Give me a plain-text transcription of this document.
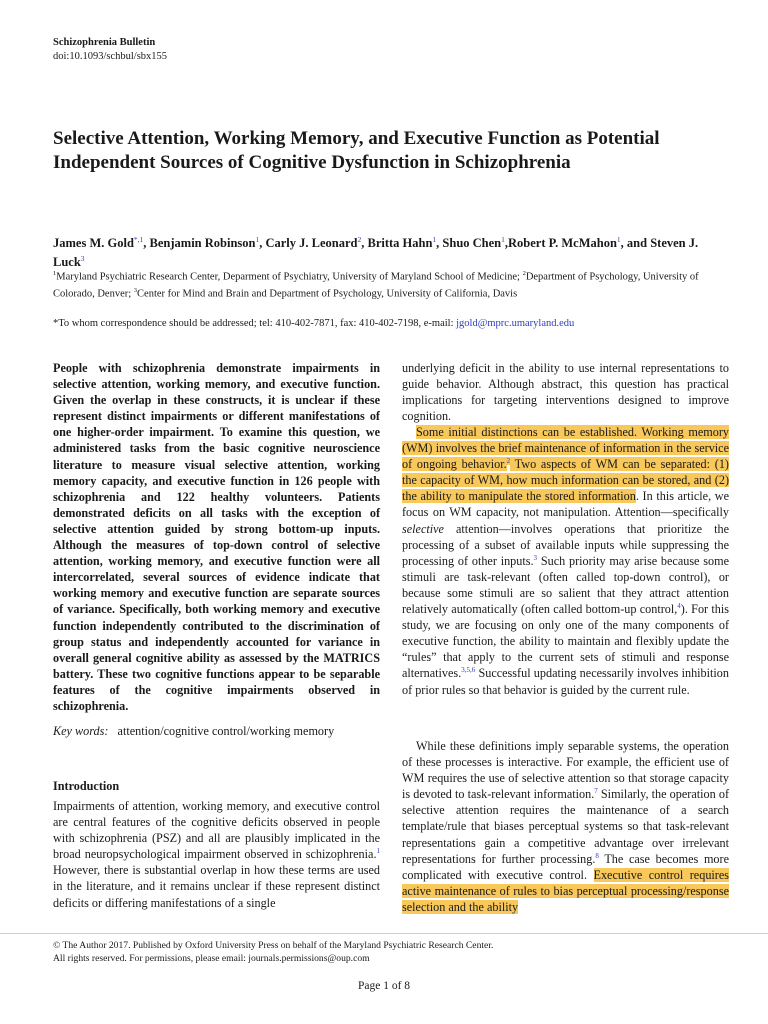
Schizophrenia Bulletin
doi:10.1093/schbul/sbx155
Selective Attention, Working Memory, and Executive Function as Potential Independent Sources of Cognitive Dysfunction in Schizophrenia
James M. Gold$^{*,1}$, Benjamin Robinson$^1$, Carly J. Leonard$^2$, Britta Hahn$^1$, Shuo Chen$^1$,Robert P. McMahon$^1$, and Steven J. Luck$^3$
$^1$Maryland Psychiatric Research Center, Deparment of Psychiatry, University of Maryland School of Medicine; $^2$Department of Psychology, University of Colorado, Denver; $^3$Center for Mind and Brain and Department of Psychology, University of California, Davis
*To whom correspondence should be addressed; tel: 410-402-7871, fax: 410-402-7198, e-mail: jgold@mprc.umaryland.edu
People with schizophrenia demonstrate impairments in selective attention, working memory, and executive function. Given the overlap in these constructs, it is unclear if these represent distinct impairments or different manifestations of one higher-order impairment. To examine this question, we administered tasks from the basic cognitive neuroscience literature to measure visual selective attention, working memory capacity, and executive function in 126 people with schizophrenia and 122 healthy volunteers. Patients demonstrated deficits on all tasks with the exception of selective attention guided by strong bottom-up inputs. Although the measures of top-down control of selective attention, working memory, and executive function were all intercorrelated, several sources of evidence indicate that working memory and executive function are separate sources of variance. Specifically, both working memory and executive function independently contributed to the discrimination of group status and independently accounted for variance in overall general cognitive ability as assessed by the MATRICS battery. These two cognitive functions appear to be separable features of the cognitive impairments observed in schizophrenia.
Key words: attention/cognitive control/working memory
Introduction
Impairments of attention, working memory, and executive control are central features of the cognitive deficits observed in people with schizophrenia (PSZ) and all are plausibly implicated in the broad neuropsychological impairment observed in schizophrenia.$^1$ However, there is substantial overlap in how these terms are used in the literature, and it remains unclear if these represent distinct deficits or differing manifestations of a single
underlying deficit in the ability to use internal representations to guide behavior. Although abstract, this question has practical implications for targeting interventions designed to improve cognition.
Some initial distinctions can be established. Working memory (WM) involves the brief maintenance of information in the service of ongoing behavior.$^2$ Two aspects of WM can be separated: (1) the capacity of WM, how much information can be stored, and (2) the ability to manipulate the stored information. In this article, we focus on WM capacity, not manipulation. Attention—specifically selective attention—involves operations that prioritize the processing of a subset of available inputs while suppressing the processing of other inputs.$^3$ Such priority may arise because some stimuli are task-relevant (often called top-down control), or because some stimuli are so salient that they attract attention relatively automatically (often called bottom-up control,$^4$). For this study, we are focusing on only one of the many components of executive function, the ability to maintain and flexibly update the “rules” that apply to the current sets of stimuli and response alternatives.$^{3,5,6}$ Successful updating necessarily involves inhibition of prior rules so that behavior is guided by the current rule.
While these definitions imply separable systems, the operation of these processes is interactive. For example, the efficient use of WM requires the use of selective attention so that storage capacity is devoted to task-relevant information.$^7$ Similarly, the operation of selective attention requires the maintenance of a search template/rule that biases perceptual systems so that task-relevant representations gain a competitive advantage over irrelevant representations for further processing.$^8$ The case becomes more complicated with executive control. Executive control requires active maintenance of rules to bias perceptual processing/response selection and the ability
© The Author 2017. Published by Oxford University Press on behalf of the Maryland Psychiatric Research Center.
All rights reserved. For permissions, please email: journals.permissions@oup.com
Page 1 of 8
